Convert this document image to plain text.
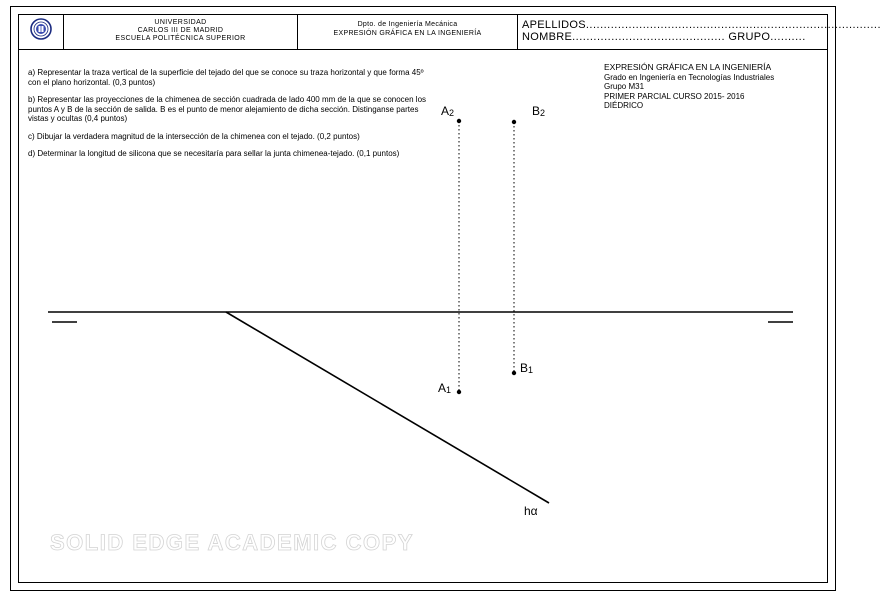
UNIVERSIDAD
CARLOS III DE MADRID
ESCUELA POLITÉCNICA SUPERIOR
Dpto. de Ingeniería Mecánica
EXPRESIÓN GRÁFICA EN LA INGENIERÍA
APELLIDOS...................................................................................
NOMBRE........................................... GRUPO..........

a) Representar la traza vertical de la superficie del tejado del que se conoce su traza horizontal y que forma 45º con el plano horizontal. (0,3 puntos)

b) Representar las proyecciones de la chimenea de sección cuadrada de lado 400 mm de la que se conocen los puntos A y B de la sección de salida. B es el punto de menor alejamiento de dicha sección. Distinganse partes vistas y ocultas (0,4 puntos)

c) Dibujar la verdadera magnitud de la intersección de la chimenea con el tejado. (0,2 puntos)

d) Determinar la longitud de silicona que se necesitaría para sellar la junta chimenea-tejado. (0,1 puntos)

EXPRESIÓN GRÁFICA EN LA INGENIERÍA
Grado en Ingeniería en Tecnologías Industriales
Grupo M31
PRIMER PARCIAL CURSO 2015- 2016
DIÉDRICO
$A_2$	$B_2$
$A_1$
$B_1$
hα
SOLID EDGE ACADEMIC COPY
